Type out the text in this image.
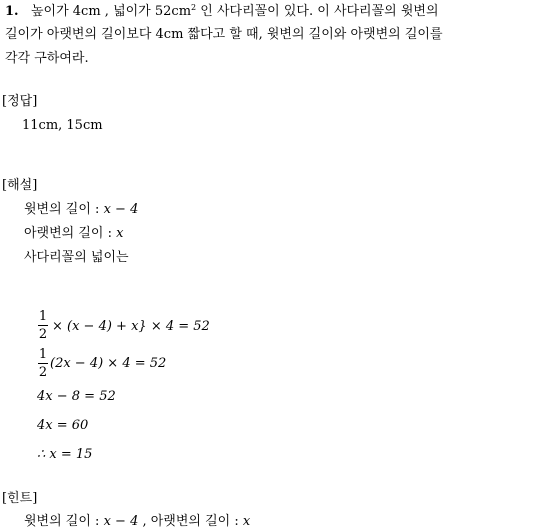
1. 높이가 4cm , 넓이가 $52cm^2$ 인 사다리꼴이 있다. 이 사다리꼴의 윗변의
길이가 아랫변의 길이보다 4cm 짧다고 할 때, 윗변의 길이와 아랫변의 길이를
각각 구하여라.
[정답]
11cm, 15cm
[해설]
윗변의 길이 : x − 4
아랫변의 길이 : x
사다리꼴의 넓이는
1
2
× (x − 4) + x} × 4 = 52
1
2
(2x − 4) × 4 = 52
4x − 8 = 52
4x = 60
∴ x = 15
[힌트]
윗변의 길이 : x − 4 , 아랫변의 길이 : x
